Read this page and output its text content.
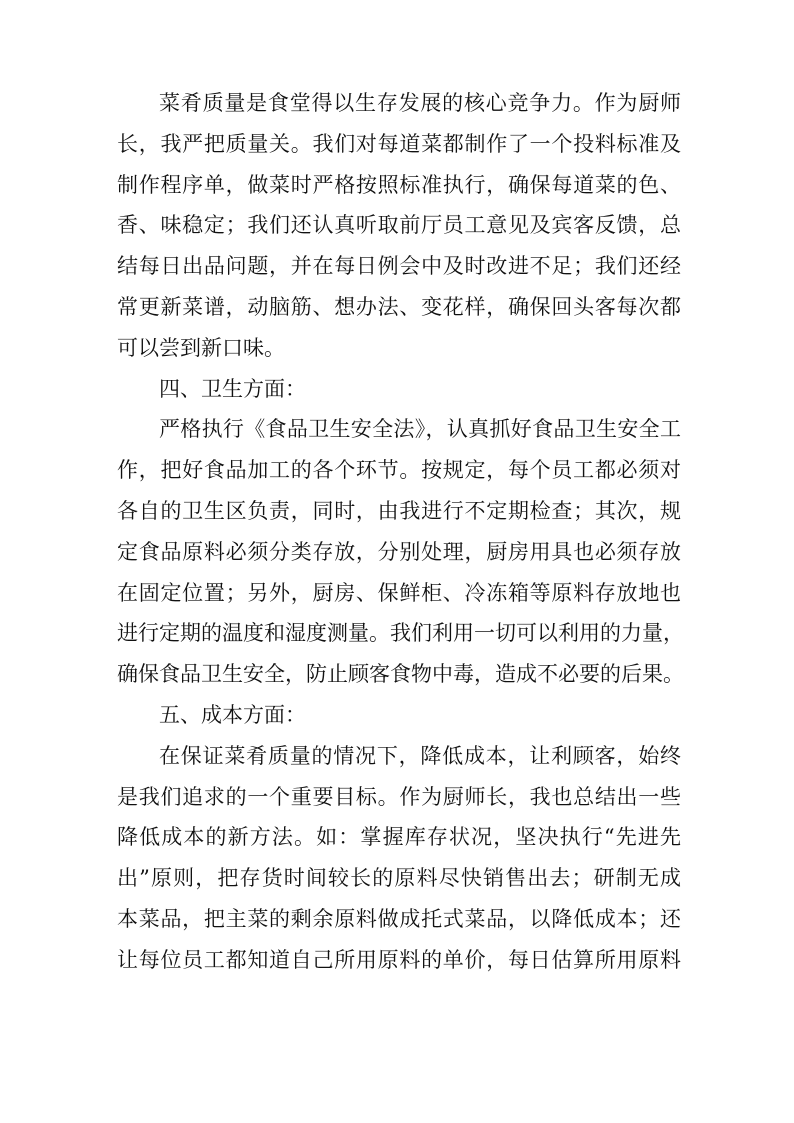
菜肴质量是食堂得以生存发展的核心竞争力。作为厨师
长，我严把质量关。我们对每道菜都制作了一个投料标准及
制作程序单，做菜时严格按照标准执行，确保每道菜的色、
香、味稳定；我们还认真听取前厅员工意见及宾客反馈，总
结每日出品问题，并在每日例会中及时改进不足；我们还经
常更新菜谱，动脑筋、想办法、变花样，确保回头客每次都
可以尝到新口味。
四、卫生方面：
严格执行《食品卫生安全法》，认真抓好食品卫生安全工
作，把好食品加工的各个环节。按规定，每个员工都必须对
各自的卫生区负责，同时，由我进行不定期检查；其次，规
定食品原料必须分类存放，分别处理，厨房用具也必须存放
在固定位置；另外，厨房、保鲜柜、冷冻箱等原料存放地也
进行定期的温度和湿度测量。我们利用一切可以利用的力量，
确保食品卫生安全，防止顾客食物中毒，造成不必要的后果。
五、成本方面：
在保证菜肴质量的情况下，降低成本，让利顾客，始终
是我们追求的一个重要目标。作为厨师长，我也总结出一些
降低成本的新方法。如：掌握库存状况，坚决执行“先进先
出”原则，把存货时间较长的原料尽快销售出去；研制无成
本菜品，把主菜的剩余原料做成托式菜品，以降低成本；还
让每位员工都知道自己所用原料的单价，每日估算所用原料
